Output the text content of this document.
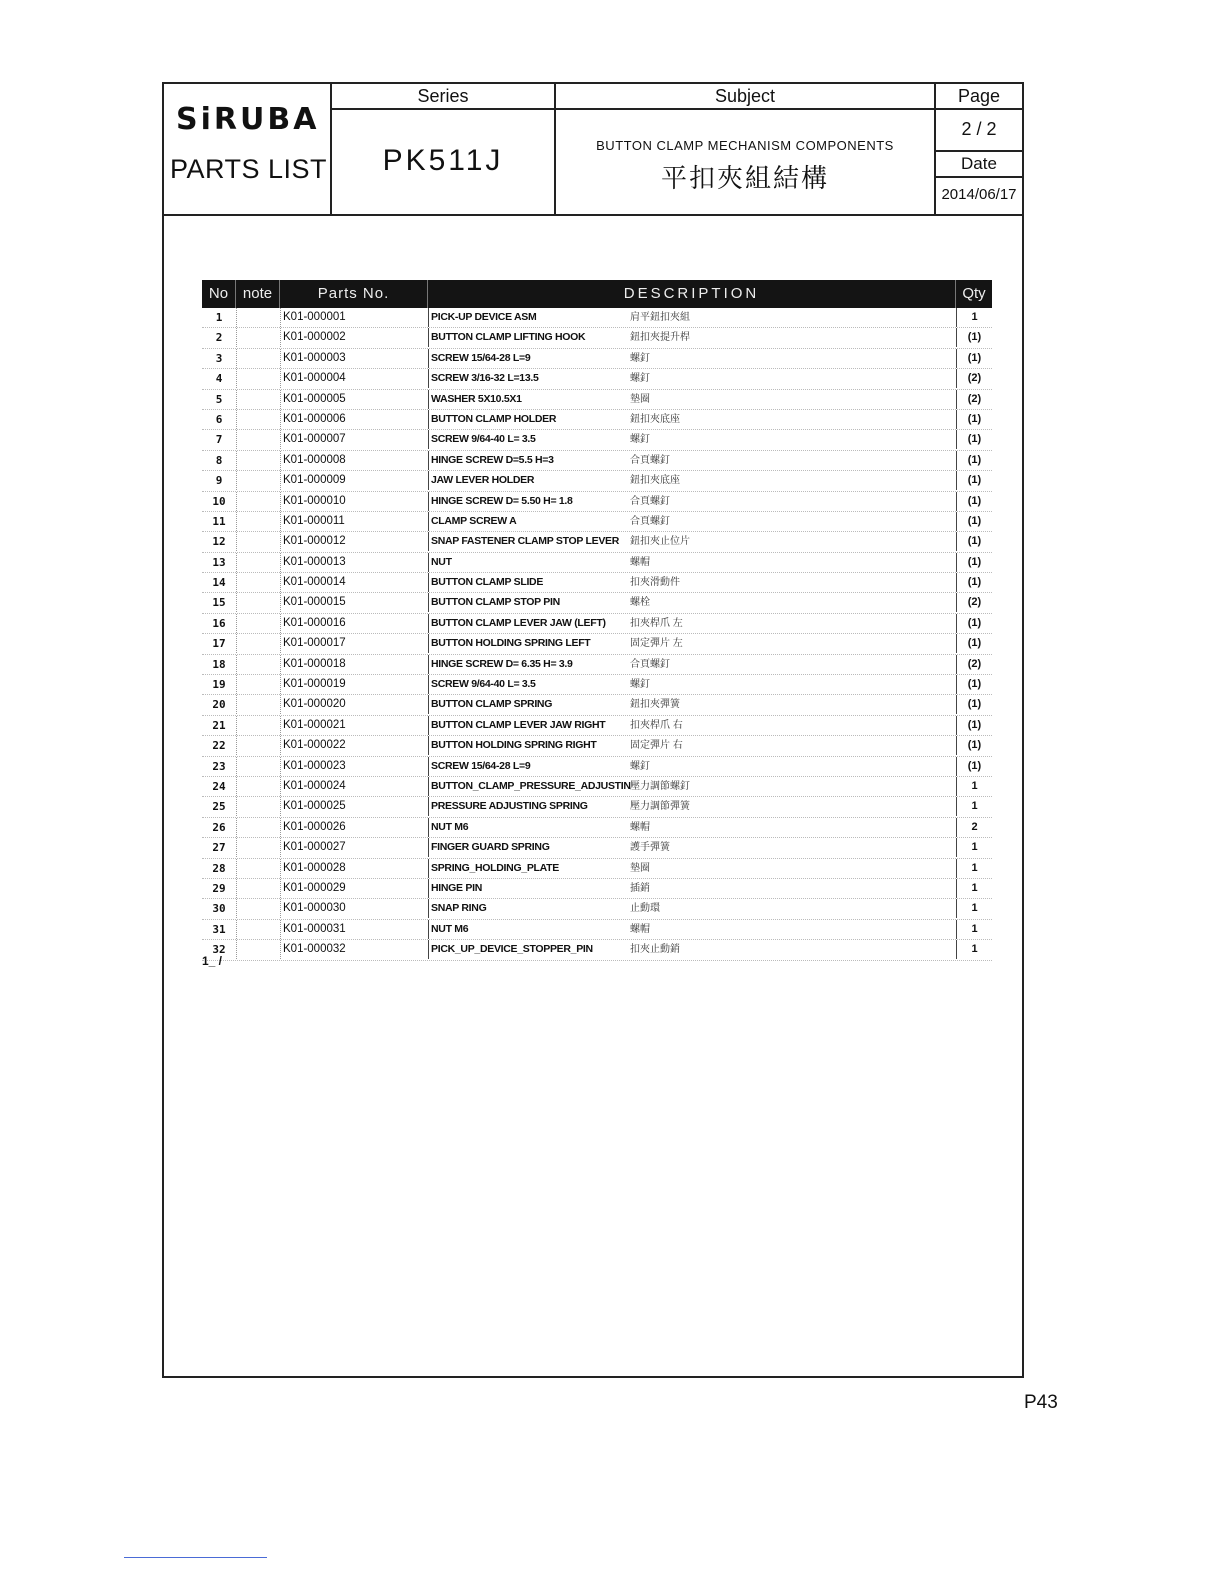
SiRUBA
PARTS LIST
Series
PK511J
Subject
BUTTON CLAMP MECHANISM COMPONENTS
平扣夾組結構
Page
2 / 2
Date
2014/06/17
No note	Parts No.	DESCRIPTION	Qty
1	K01-000001	PICK-UP DEVICE ASM	肩平鈕扣夾組	1
2	K01-000002	BUTTON CLAMP LIFTING HOOK	鈕扣夾提升桿	(1)
3	K01-000003	SCREW 15/64-28 L=9	螺釘	(1)
4	K01-000004	SCREW 3/16-32 L=13.5	螺釘	(2)
5	K01-000005	WASHER 5X10.5X1	墊圈	(2)
6	K01-000006	BUTTON CLAMP HOLDER	鈕扣夾底座	(1)
7	K01-000007	SCREW 9/64-40 L= 3.5	螺釘	(1)
8	K01-000008	HINGE SCREW D=5.5 H=3	合頁螺釘	(1)
9	K01-000009	JAW LEVER HOLDER	鈕扣夾底座	(1)
10	K01-000010	HINGE SCREW D= 5.50 H= 1.8	合頁螺釘	(1)
11	K01-000011	CLAMP SCREW A	合頁螺釘	(1)
12	K01-000012	SNAP FASTENER CLAMP STOP LEVER	鈕扣夾止位片	(1)
13	K01-000013	NUT	螺帽	(1)
14	K01-000014	BUTTON CLAMP SLIDE	扣夾滑動件	(1)
15	K01-000015	BUTTON CLAMP STOP PIN	螺栓	(2)
16	K01-000016	BUTTON CLAMP LEVER JAW (LEFT)	扣夾桿爪 左	(1)
17	K01-000017	BUTTON HOLDING SPRING LEFT	固定彈片 左	(1)
18	K01-000018	HINGE SCREW D= 6.35 H= 3.9	合頁螺釘	(2)
19	K01-000019	SCREW 9/64-40 L= 3.5	螺釘	(1)
20	K01-000020	BUTTON CLAMP SPRING	鈕扣夾彈簧	(1)
21	K01-000021	BUTTON CLAMP LEVER JAW RIGHT	扣夾桿爪 右	(1)
22	K01-000022	BUTTON HOLDING SPRING RIGHT	固定彈片 右	(1)
23	K01-000023	SCREW 15/64-28 L=9	螺釘	(1)
24	K01-000024	BUTTON_CLAMP_PRESSURE_ADJUSTIN 壓力調節螺釘	1
25	K01-000025	PRESSURE ADJUSTING SPRING	壓力調節彈簧	1
26	K01-000026	NUT M6	螺帽	2
27	K01-000027	FINGER GUARD SPRING	護手彈簧	1
28	K01-000028	SPRING_HOLDING_PLATE	墊圈	1
29	K01-000029	HINGE PIN	插銷	1
30	K01-000030	SNAP RING	止動環	1
31	K01-000031	NUT M6	螺帽	1
32	K01-000032	PICK_UP_DEVICE_STOPPER_PIN	扣夾止動銷	1
1_ /
P43
